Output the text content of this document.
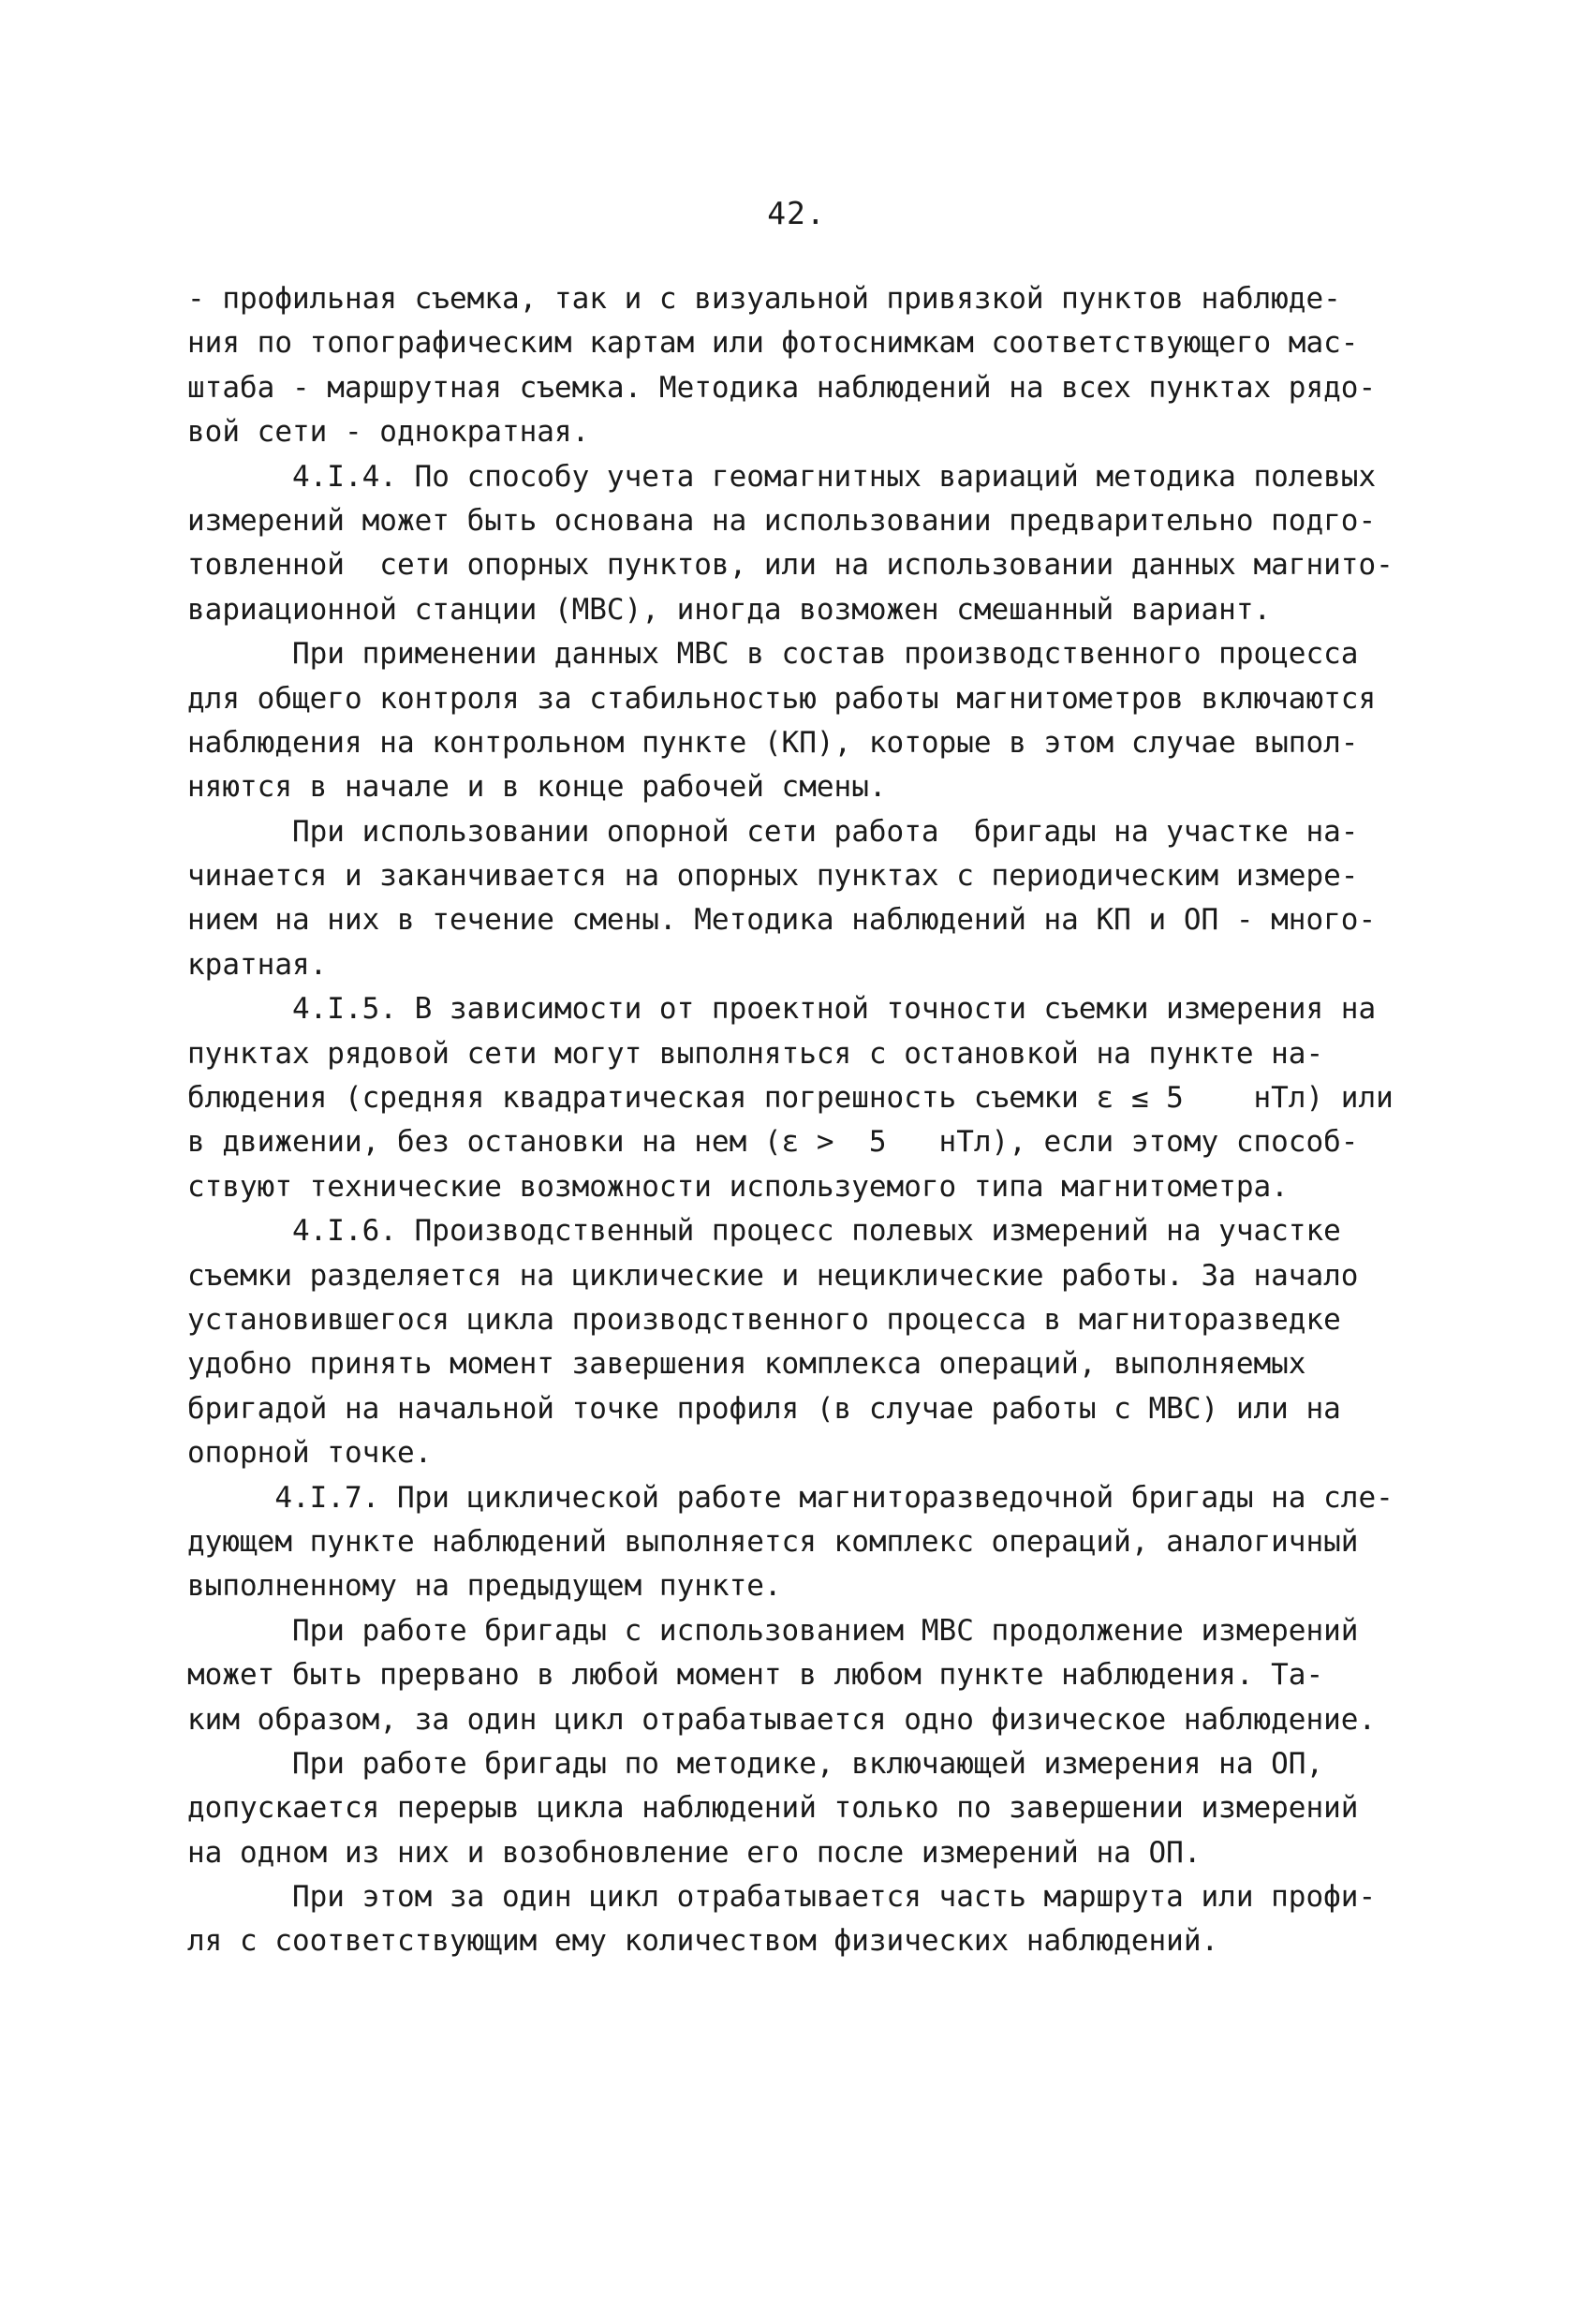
42.
- профильная съемка, так и с визуальной привязкой пунктов наблюде-
ния по топографическим картам или фотоснимкам соответствующего мас-
штаба - маршрутная съемка. Методика наблюдений на всех пунктах рядо-
вой сети - однократная.
4.I.4. По способу учета геомагнитных вариаций методика полевых
измерений может быть основана на использовании предварительно подго-
товленной  сети опорных пунктов, или на использовании данных магнито-
вариационной станции (МВС), иногда возможен смешанный вариант.
При применении данных МВС в состав производственного процесса
для общего контроля за стабильностью работы магнитометров включаются
наблюдения на контрольном пункте (КП), которые в этом случае выпол-
няются в начале и в конце рабочей смены.
При использовании опорной сети работа  бригады на участке на-
чинается и заканчивается на опорных пунктах с периодическим измере-
нием на них в течение смены. Методика наблюдений на КП и ОП - много-
кратная.
4.I.5. В зависимости от проектной точности съемки измерения на
пунктах рядовой сети могут выполняться с остановкой на пункте на-
блюдения (средняя квадратическая погрешность съемки ε ≤ 5    нТл) или
в движении, без остановки на нем (ε >  5   нТл), если этому способ-
ствуют технические возможности используемого типа магнитометра.
4.I.6. Производственный процесс полевых измерений на участке
съемки разделяется на циклические и нециклические работы. За начало
установившегося цикла производственного процесса в магниторазведке
удобно принять момент завершения комплекса операций, выполняемых
бригадой на начальной точке профиля (в случае работы с МВС) или на
опорной точке.
4.I.7. При циклической работе магниторазведочной бригады на сле-
дующем пункте наблюдений выполняется комплекс операций, аналогичный
выполненному на предыдущем пункте.
При работе бригады с использованием МВС продолжение измерений
может быть прервано в любой момент в любом пункте наблюдения. Та-
ким образом, за один цикл отрабатывается одно физическое наблюдение.
При работе бригады по методике, включающей измерения на ОП,
допускается перерыв цикла наблюдений только по завершении измерений
на одном из них и возобновление его после измерений на ОП.
При этом за один цикл отрабатывается часть маршрута или профи-
ля с соответствующим ему количеством физических наблюдений.
